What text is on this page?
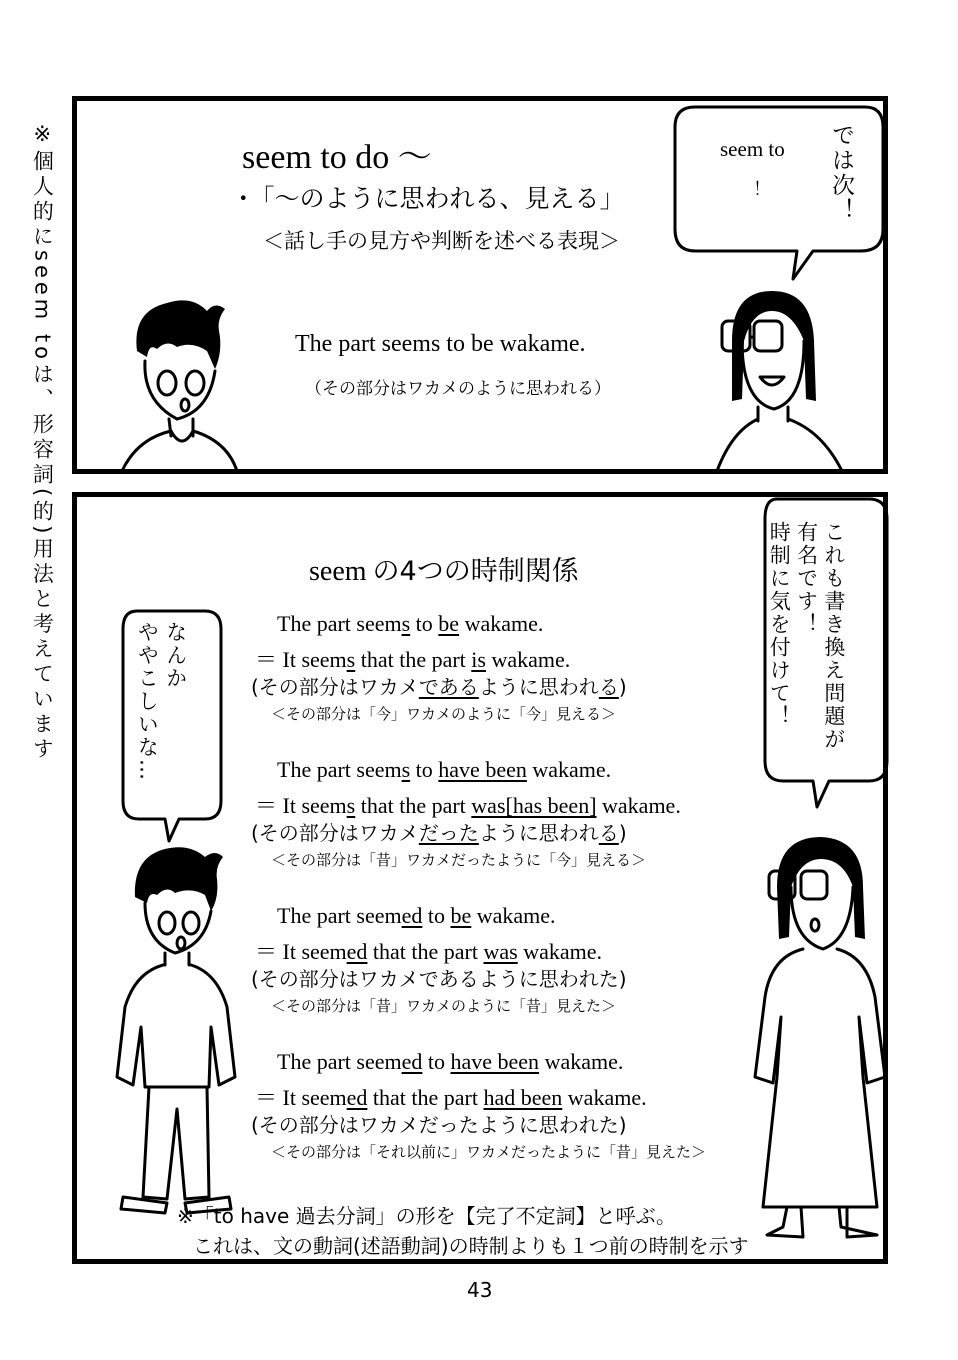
※個人的にseem toは、形容詞(的)用法と考えています	seem to do ～
･「～のように思われる、見える」
＜話し手の見方や判断を述べる表現＞
The part seems to be wakame.
（その部分はワカメのように思われる）
seem to
！ では次！
seem の4つの時制関係	これも書き換え問題が
有名です！
時制に気を付けて！
なんか
ややこしいな…	The part seems to be wakame.
＝ It seems that the part is wakame.
(その部分はワカメであるように思われる)
＜その部分は「今」ワカメのように「今」見える＞
The part seems to have been wakame.
＝ It seems that the part was[has been] wakame.
(その部分はワカメだったように思われる)
＜その部分は「昔」ワカメだったように「今」見える＞
The part seemed to be wakame.
＝ It seemed that the part was wakame.
(その部分はワカメであるように思われた)
＜その部分は「昔」ワカメのように「昔」見えた＞
The part seemed to have been wakame.
＝ It seemed that the part had been wakame.
(その部分はワカメだったように思われた)
＜その部分は「それ以前に」ワカメだったように「昔」見えた＞
※「to have 過去分詞」の形を【完了不定詞】と呼ぶ。
これは、文の動詞(述語動詞)の時制よりも１つ前の時制を示す
43
